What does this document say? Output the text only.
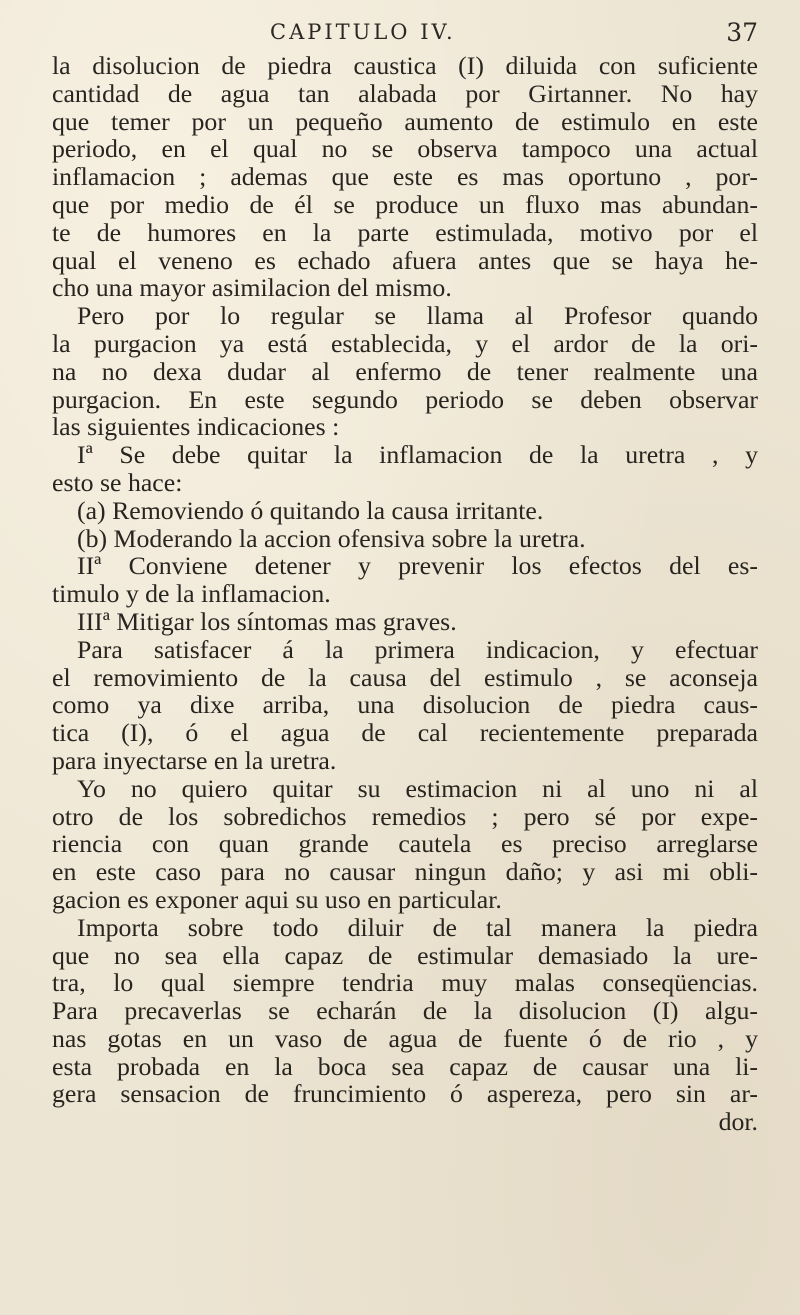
CAPITULO IV.	37
la disolucion de piedra caustica (I) diluida con suficiente
cantidad de agua tan alabada por Girtanner. No hay
que temer por un pequeño aumento de estimulo en este
periodo, en el qual no se observa tampoco una actual
inflamacion ; ademas que este es mas oportuno , por-
que por medio de él se produce un fluxo mas abundan-
te de humores en la parte estimulada, motivo por el
qual el veneno es echado afuera antes que se haya he-
cho una mayor asimilacion del mismo.
Pero por lo regular se llama al Profesor quando
la purgacion ya está establecida, y el ardor de la ori-
na no dexa dudar al enfermo de tener realmente una
purgacion. En este segundo periodo se deben observar
las siguientes indicaciones :
Iª Se debe quitar la inflamacion de la uretra , y
esto se hace:
(a) Removiendo ó quitando la causa irritante.
(b) Moderando la accion ofensiva sobre la uretra.
IIª Conviene detener y prevenir los efectos del es-
timulo y de la inflamacion.
IIIª Mitigar los síntomas mas graves.
Para satisfacer á la primera indicacion, y efectuar
el removimiento de la causa del estimulo , se aconseja
como ya dixe arriba, una disolucion de piedra caus-
tica (I), ó el agua de cal recientemente preparada
para inyectarse en la uretra.
Yo no quiero quitar su estimacion ni al uno ni al
otro de los sobredichos remedios ; pero sé por expe-
riencia con quan grande cautela es preciso arreglarse
en este caso para no causar ningun daño; y asi mi obli-
gacion es exponer aqui su uso en particular.
Importa sobre todo diluir de tal manera la piedra
que no sea ella capaz de estimular demasiado la ure-
tra, lo qual siempre tendria muy malas conseqüencias.
Para precaverlas se echarán de la disolucion (I) algu-
nas gotas en un vaso de agua de fuente ó de rio , y
esta probada en la boca sea capaz de causar una li-
gera sensacion de fruncimiento ó aspereza, pero sin ar-
dor.
